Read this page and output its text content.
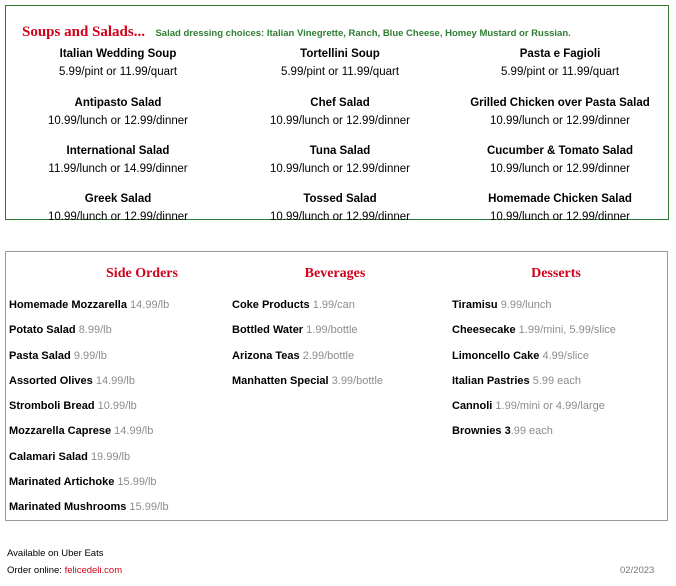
Soups and Salads... Salad dressing choices: Italian Vinegrette, Ranch, Blue Cheese, Homey Mustard or Russian.
Italian Wedding Soup
5.99/pint or 11.99/quart
Tortellini Soup
5.99/pint or 11.99/quart
Pasta e Fagioli
5.99/pint or 11.99/quart
Antipasto Salad
10.99/lunch or 12.99/dinner
Chef Salad
10.99/lunch or 12.99/dinner
Grilled Chicken over Pasta Salad
10.99/lunch or 12.99/dinner
International Salad
11.99/lunch or 14.99/dinner
Tuna Salad
10.99/lunch or 12.99/dinner
Cucumber & Tomato Salad
10.99/lunch or 12.99/dinner
Greek Salad
10.99/lunch or 12.99/dinner
Tossed Salad
10.99/lunch or 12.99/dinner
Homemade Chicken Salad
10.99/lunch or 12.99/dinner
Side Orders	Beverages	Desserts
Homemade Mozzarella 14.99/lb
Potato Salad 8.99/lb
Pasta Salad 9.99/lb
Assorted Olives 14.99/lb
Stromboli Bread 10.99/lb
Mozzarella Caprese 14.99/lb
Calamari Salad 19.99/lb
Marinated Artichoke 15.99/lb
Marinated Mushrooms 15.99/lb
Coke Products 1.99/can
Bottled Water 1.99/bottle
Arizona Teas 2.99/bottle
Manhatten Special 3.99/bottle
Tiramisu 9.99/lunch
Cheesecake 1.99/mini, 5.99/slice
Limoncello Cake 4.99/slice
Italian Pastries 5.99 each
Cannoli 1.99/mini or 4.99/large
Brownies 3.99 each
Available on Uber Eats
Order online: felicedeli.com	02/2023
